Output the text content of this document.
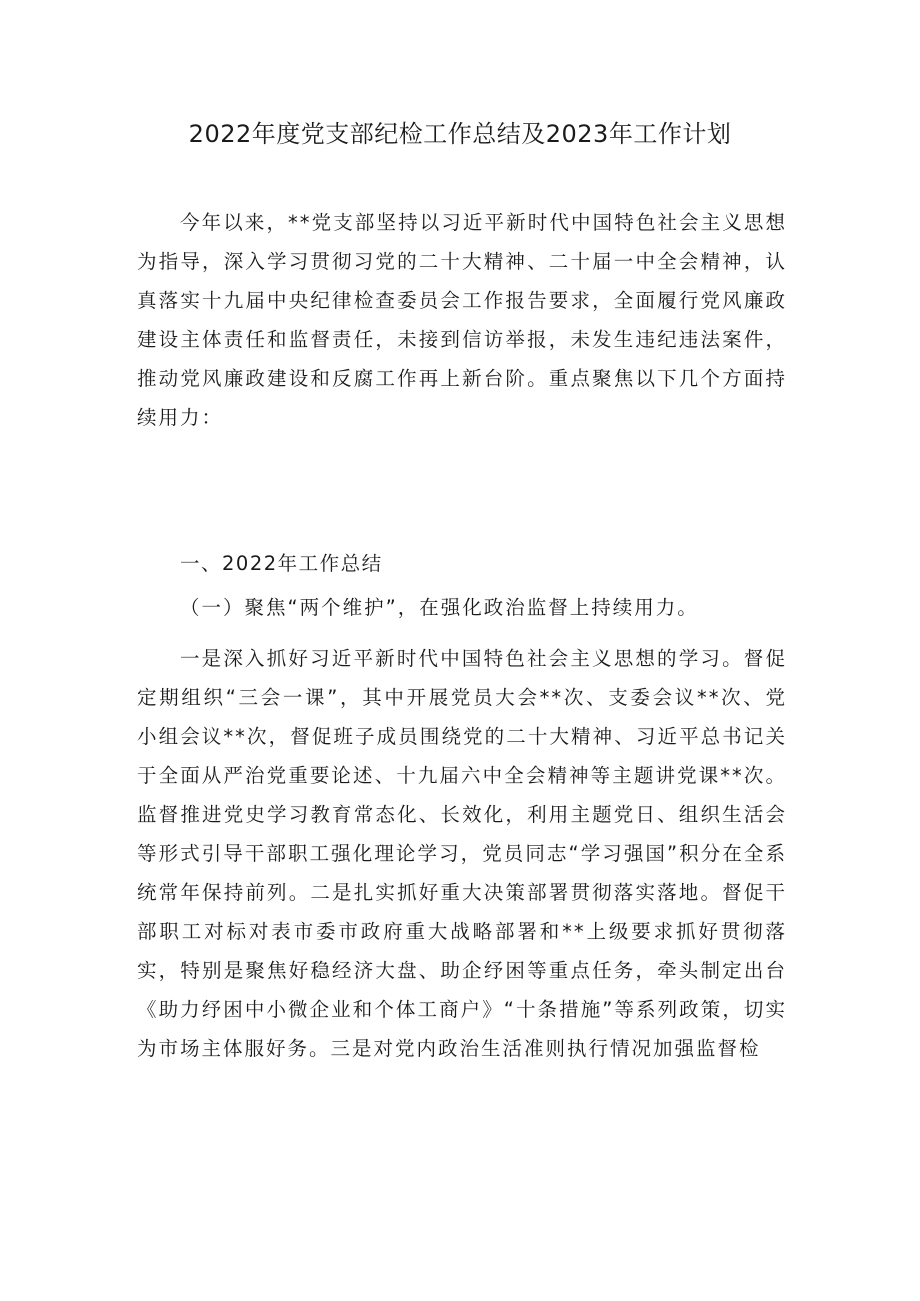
2022年度党支部纪检工作总结及2023年工作计划

今年以来，**党支部坚持以习近平新时代中国特色社会主义思想为指导，深入学习贯彻习党的二十大精神、二十届一中全会精神，认真落实十九届中央纪律检查委员会工作报告要求，全面履行党风廉政建设主体责任和监督责任，未接到信访举报，未发生违纪违法案件，推动党风廉政建设和反腐工作再上新台阶。重点聚焦以下几个方面持续用力：

一、2022年工作总结
（一）聚焦“两个维护”，在强化政治监督上持续用力。

一是深入抓好习近平新时代中国特色社会主义思想的学习。督促定期组织“三会一课”，其中开展党员大会**次、支委会议**次、党小组会议**次，督促班子成员围绕党的二十大精神、习近平总书记关于全面从严治党重要论述、十九届六中全会精神等主题讲党课**次。监督推进党史学习教育常态化、长效化，利用主题党日、组织生活会等形式引导干部职工强化理论学习，党员同志“学习强国”积分在全系统常年保持前列。二是扎实抓好重大决策部署贯彻落实落地。督促干部职工对标对表市委市政府重大战略部署和**上级要求抓好贯彻落实，特别是聚焦好稳经济大盘、助企纾困等重点任务，牵头制定出台《助力纾困中小微企业和个体工商户》“十条措施”等系列政策，切实为市场主体服好务。三是对党内政治生活准则执行情况加强监督检
